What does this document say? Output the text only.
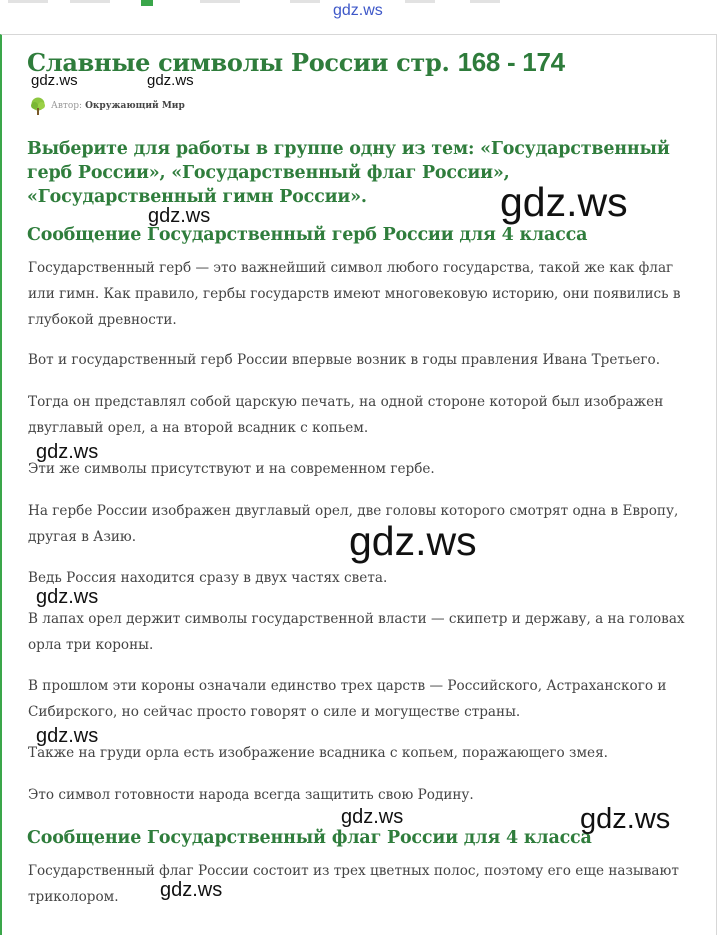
gdz.ws
Славные символы России стр. 168 - 174
Автор: Окружающий Мир
Выберите для работы в группе одну из тем: «Государственный герб России», «Государственный флаг России», «Государственный гимн России».
Сообщение Государственный герб России для 4 класса
Государственный герб — это важнейший символ любого государства, такой же как флаг или гимн. Как правило, гербы государств имеют многовековую историю, они появились в глубокой древности.
Вот и государственный герб России впервые возник в годы правления Ивана Третьего.
Тогда он представлял собой царскую печать, на одной стороне которой был изображен двуглавый орел, а на второй всадник с копьем.
Эти же символы присутствуют и на современном гербе.
На гербе России изображен двуглавый орел, две головы которого смотрят одна в Европу, другая в Азию.
Ведь Россия находится сразу в двух частях света.
В лапах орел держит символы государственной власти — скипетр и державу, а на головах орла три короны.
В прошлом эти короны означали единство трех царств — Российского, Астраханского и Сибирского, но сейчас просто говорят о силе и могуществе страны.
Также на груди орла есть изображение всадника с копьем, поражающего змея.
Это символ готовности народа всегда защитить свою Родину.
Сообщение Государственный флаг России для 4 класса
Государственный флаг России состоит из трех цветных полос, поэтому его еще называют триколором.
gdz.ws	gdz.ws
gdz.ws	gdz.ws
gdz.ws
gdz.ws
gdz.ws
gdz.ws
gdz.ws	gdz.ws
gdz.ws
